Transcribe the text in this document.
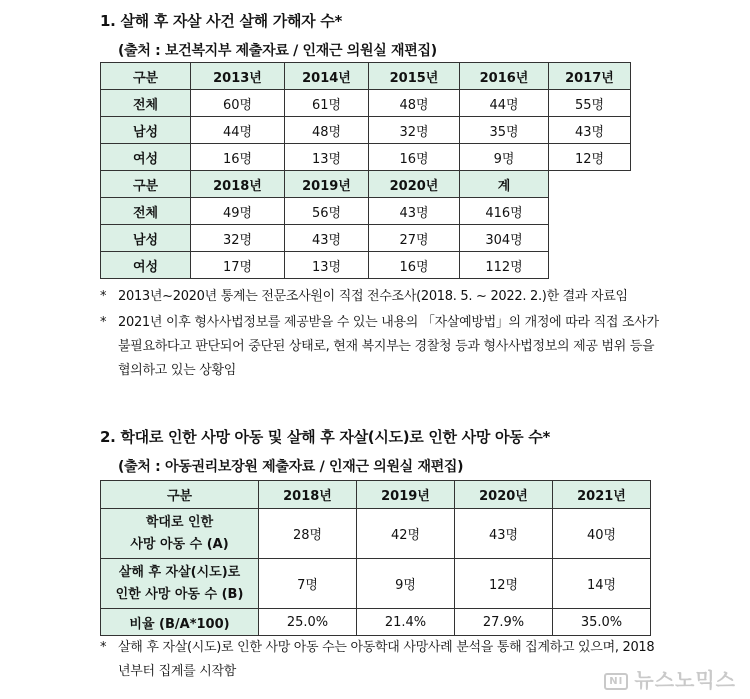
1. 살해 후 자살 사건 살해 가해자 수*
(출처 : 보건복지부 제출자료 / 인재근 의원실 재편집)
구분	2013년	2014년	2015년	2016년	2017년
전체	60명	61명	48명	44명	55명
남성	44명	48명	32명	35명	43명
여성	16명	13명	16명	9명	12명
구분	2018년	2019년	2020년	계	
전체	49명	56명	43명	416명	
남성	32명	43명	27명	304명	
여성	17명	13명	16명	112명	
* 2013년~2020년 통계는 전문조사원이 직접 전수조사(2018. 5. ~ 2022. 2.)한 결과 자료임
* 2021년 이후 형사사법정보를 제공받을 수 있는 내용의 「자살예방법」의 개정에 따라 직접 조사가 불필요하다고 판단되어 중단된 상태로, 현재 복지부는 경찰청 등과 형사사법정보의 제공 범위 등을 협의하고 있는 상황임
2. 학대로 인한 사망 아동 및 살해 후 자살(시도)로 인한 사망 아동 수*
(출처 : 아동권리보장원 제출자료 / 인재근 의원실 재편집)
구분	2018년	2019년	2020년	2021년

학대로 인한
사망 아동 수 (A)	28명	42명	43명	40명

살해 후 자살(시도)로
인한 사망 아동 수 (B)	7명	9명	12명	14명
비율 (B/A*100)	25.0%	21.4%	27.9%	35.0%
* 살해 후 자살(시도)로 인한 사망 아동 수는 아동학대 사망사례 분석을 통해 집계하고 있으며, 2018년부터 집계를 시작함
NI 뉴스노믹스
